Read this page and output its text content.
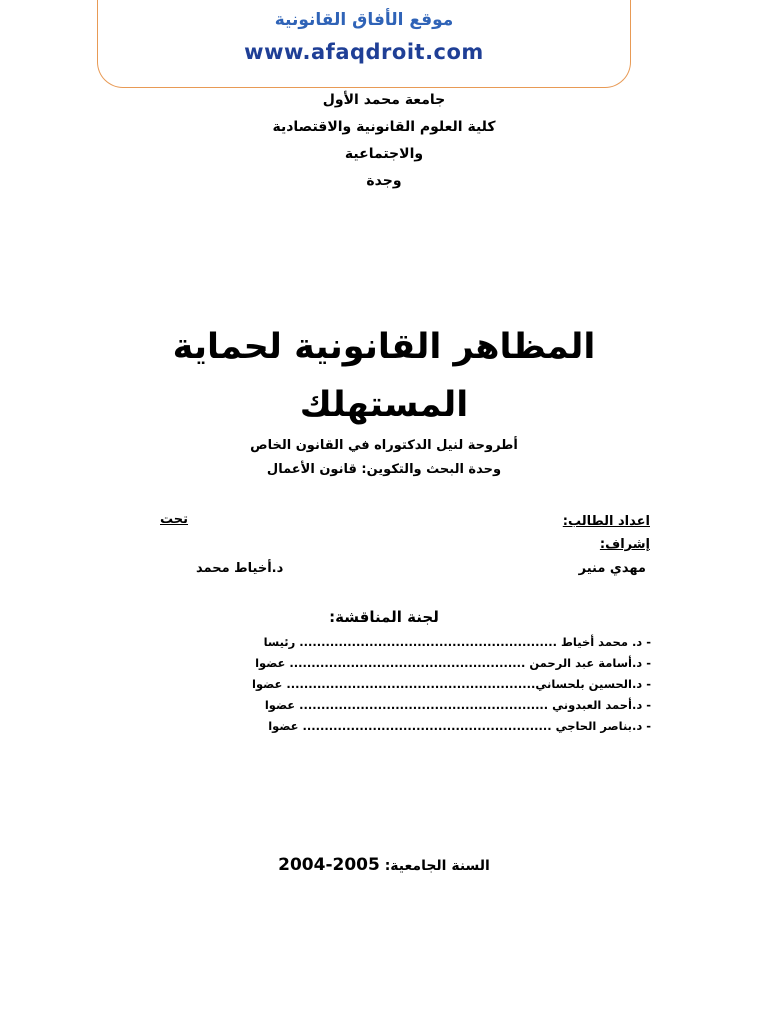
موقع الأفاق القانونية
www.afaqdroit.com
جامعة محمد الأول
كلية العلوم القانونية والاقتصادية
والاجتماعية
وجدة
المظاهر القانونية لحماية
المستهلك
أطروحة لنيل الدكتوراه في القانون الخاص
وحدة البحث والتكوين: قانون الأعمال
اعداد الطالب:
تحت
إشراف:
مهدي منير
د.أخياط محمد
لجنة المناقشة:
- د. محمد أخياط ........................................................... رئيسا
- د.أسامة عبد الرحمن ...................................................... عضوا
- د.الحسين بلحساني......................................................... عضوا
- د.أحمد العبدوني ......................................................... عضوا
- د.بناصر الحاجي ......................................................... عضوا
السنة الجامعية: 2005-2004
